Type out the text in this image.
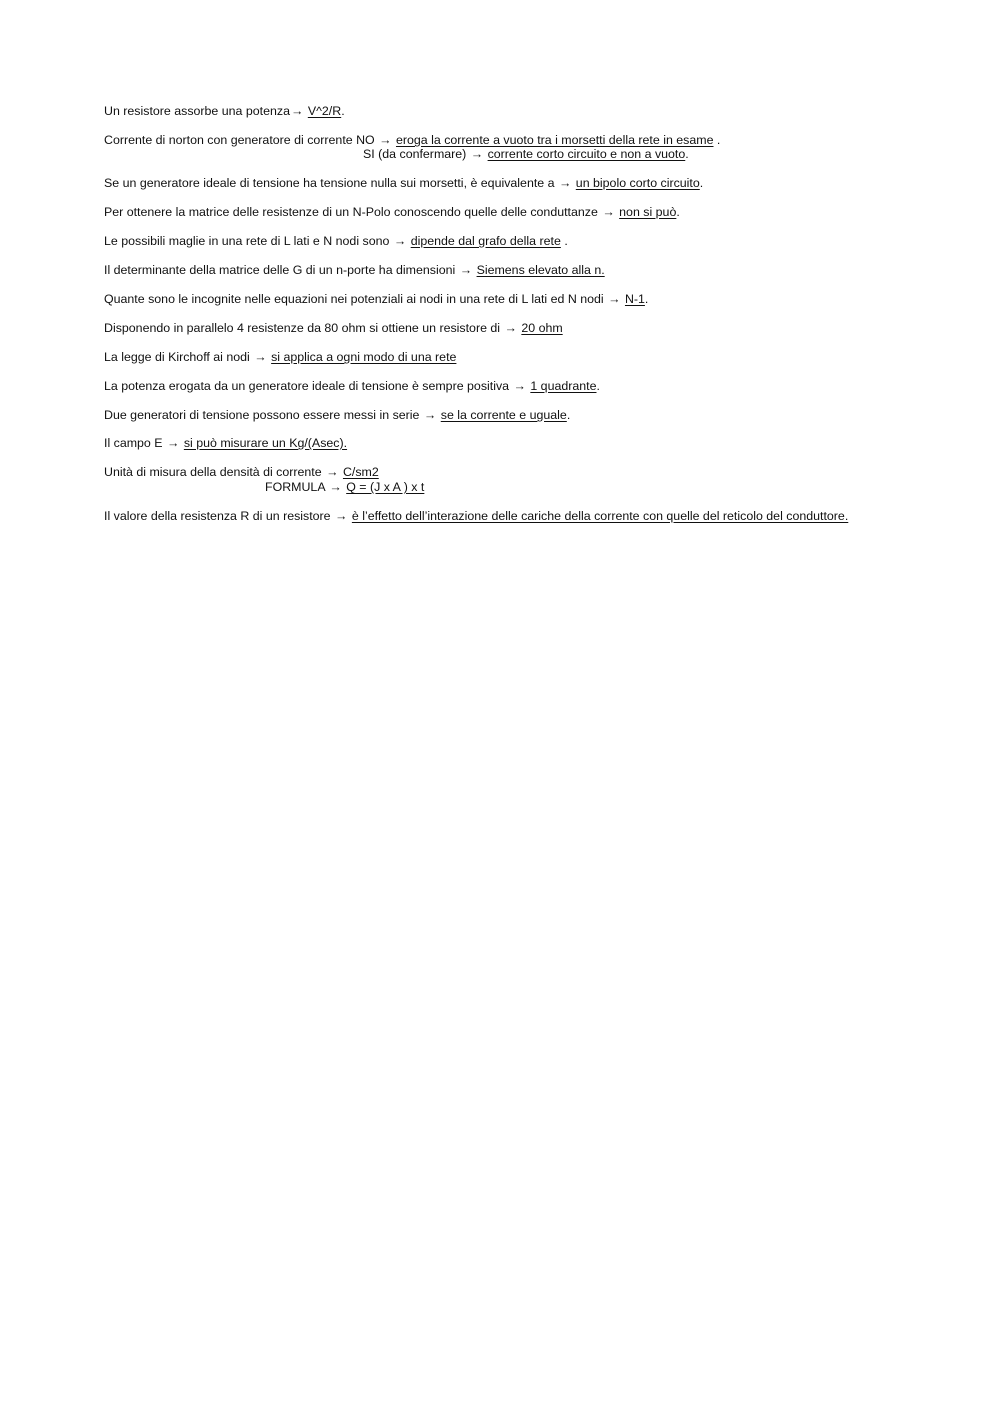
Un resistore assorbe una potenza→ V^2/R.
Corrente di norton con generatore di corrente NO → eroga la corrente a vuoto tra i morsetti della rete in esame .
SI (da confermare) → corrente corto circuito e non a vuoto.
Se un generatore ideale di tensione ha tensione nulla sui morsetti, è equivalente a → un bipolo corto circuito.
Per ottenere la matrice delle resistenze di un N-Polo conoscendo quelle delle conduttanze → non si può.
Le possibili maglie in una rete di L lati e N nodi sono → dipende dal grafo della rete .
Il determinante della matrice delle G di un n-porte ha dimensioni → Siemens elevato alla n.
Quante sono le incognite nelle equazioni nei potenziali ai nodi in una rete di L lati ed N nodi → N-1.
Disponendo in parallelo 4 resistenze da 80 ohm si ottiene un resistore di → 20 ohm
La legge di Kirchoff ai nodi → si applica a ogni modo di una rete
La potenza erogata da un generatore ideale di tensione è sempre positiva → 1 quadrante.
Due generatori di tensione possono essere messi in serie → se la corrente e uguale.
Il campo E → si può misurare un Kg/(Asec).
Unità di misura della densità di corrente → C/sm2
FORMULA → Q = (J x A ) x t
Il valore della resistenza R di un resistore → è l’effetto dell’interazione delle cariche della corrente con quelle del reticolo del conduttore.
